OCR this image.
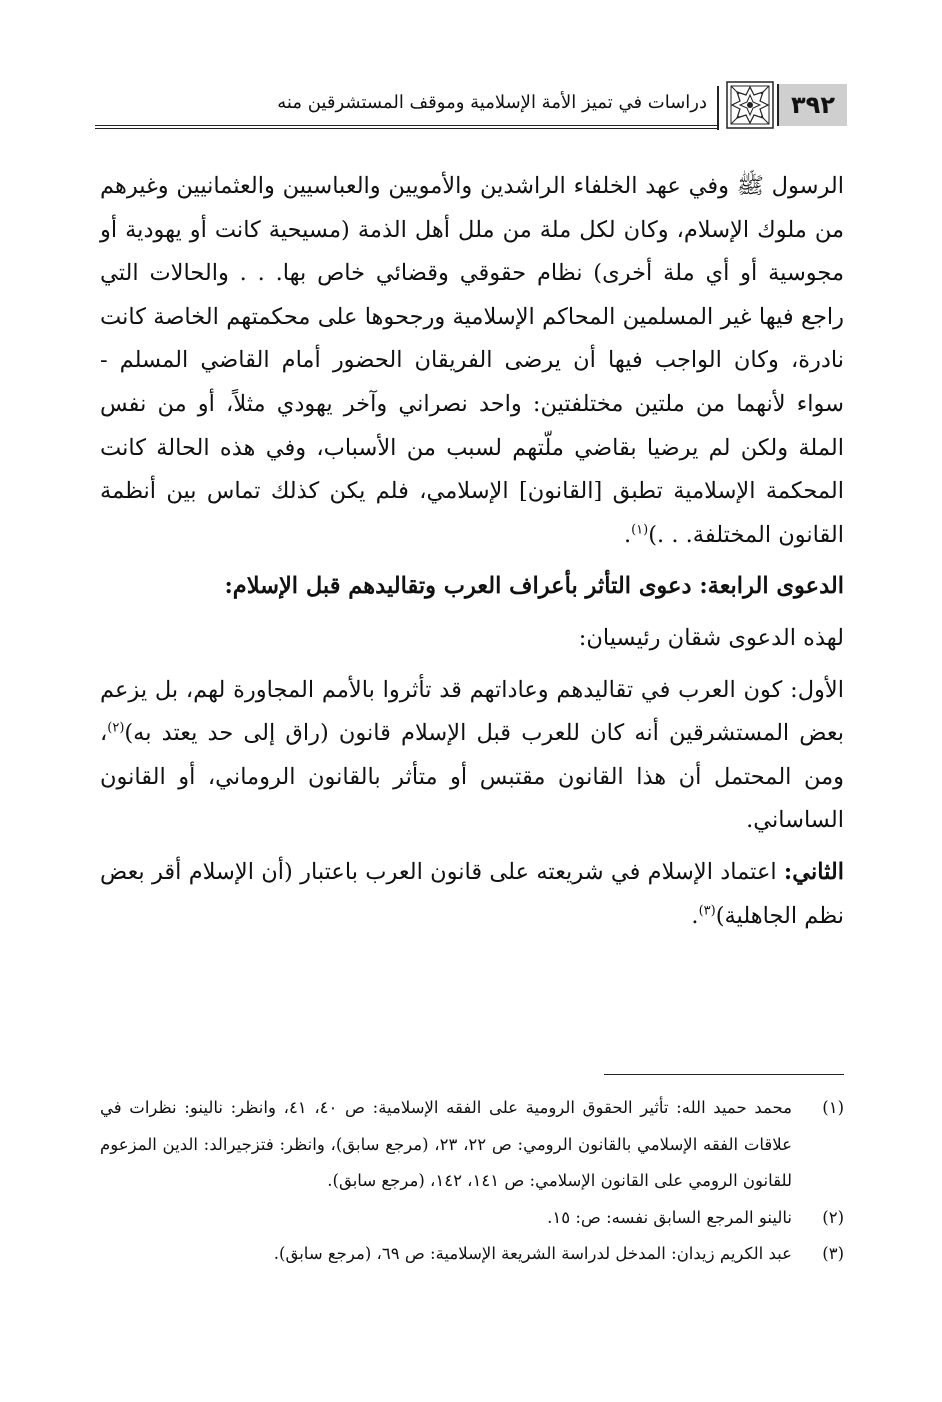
٣٩٢
دراسات في تميز الأمة الإسلامية وموقف المستشرقين منه

الرسول ﷺ وفي عهد الخلفاء الراشدين والأمويين والعباسيين والعثمانيين وغيرهم من ملوك الإسلام، وكان لكل ملة من ملل أهل الذمة (مسيحية كانت أو يهودية أو مجوسية أو أي ملة أخرى) نظام حقوقي وقضائي خاص بها. . . والحالات التي راجع فيها غير المسلمين المحاكم الإسلامية ورجحوها على محكمتهم الخاصة كانت نادرة، وكان الواجب فيها أن يرضى الفريقان الحضور أمام القاضي المسلم - سواء لأنهما من ملتين مختلفتين: واحد نصراني وآخر يهودي مثلاً، أو من نفس الملة ولكن لم يرضيا بقاضي ملّتهم لسبب من الأسباب، وفي هذه الحالة كانت المحكمة الإسلامية تطبق [القانون] الإسلامي، فلم يكن كذلك تماس بين أنظمة القانون المختلفة. . .)$^{(١)}$.

الدعوى الرابعة: دعوى التأثر بأعراف العرب وتقاليدهم قبل الإسلام:

لهذه الدعوى شقان رئيسيان:

الأول: كون العرب في تقاليدهم وعاداتهم قد تأثروا بالأمم المجاورة لهم، بل يزعم بعض المستشرقين أنه كان للعرب قبل الإسلام قانون (راق إلى حد يعتد به)$^{(٢)}$، ومن المحتمل أن هذا القانون مقتبس أو متأثر بالقانون الروماني، أو القانون الساساني.

الثاني: اعتماد الإسلام في شريعته على قانون العرب باعتبار (أن الإسلام أقر بعض نظم الجاهلية)$^{(٣)}$.

(١)
محمد حميد الله: تأثير الحقوق الرومية على الفقه الإسلامية: ص ٤٠، ٤١، وانظر: نالينو: نظرات في علاقات الفقه الإسلامي بالقانون الرومي: ص ٢٢، ٢٣، (مرجع سابق)، وانظر: فتزجيرالد: الدين المزعوم للقانون الرومي على القانون الإسلامي: ص ١٤١، ١٤٢، (مرجع سابق).
(٢)
نالينو المرجع السابق نفسه: ص: ١٥.
(٣)
عبد الكريم زيدان: المدخل لدراسة الشريعة الإسلامية: ص ٦٩، (مرجع سابق).
